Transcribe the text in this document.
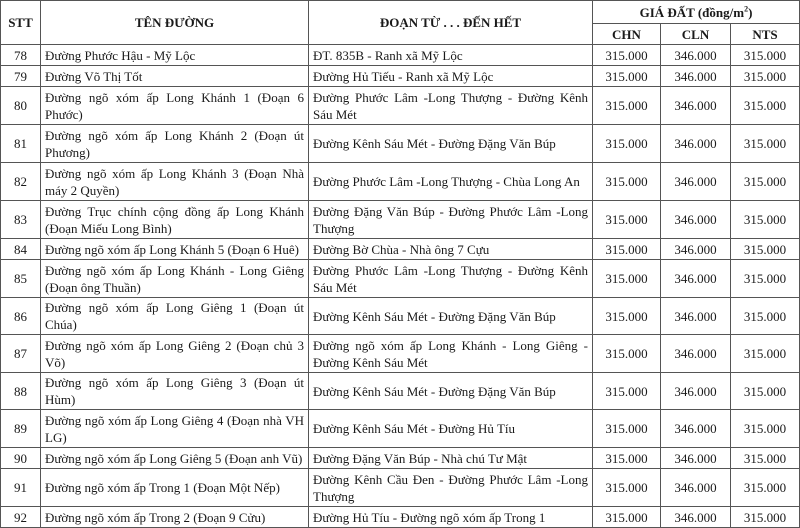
STT	TÊN ĐƯỜNG	ĐOẠN TỪ . . . ĐẾN HẾT	GIÁ ĐẤT $(đồng/m^2)$		
			CHN	CLN	NTS
78	Đường Phước Hậu - Mỹ Lộc	ĐT. 835B - Ranh xã Mỹ Lộc	315.000	346.000	315.000
79	Đường Võ Thị Tốt	Đường Hủ Tiếu - Ranh xã Mỹ Lộc	315.000	346.000	315.000
80	Đường ngõ xóm ấp Long Khánh 1 (Đoạn 6 Phước)	Đường Phước Lâm -Long Thượng - Đường Kênh Sáu Mét	315.000	346.000	315.000
81	Đường ngõ xóm ấp Long Khánh 2 (Đoạn út Phương)	Đường Kênh Sáu Mét - Đường Đặng Văn Búp	315.000	346.000	315.000
82	Đường ngõ xóm ấp Long Khánh 3 (Đoạn Nhà máy 2 Quyền)	Đường Phước Lâm -Long Thượng - Chùa Long An	315.000	346.000	315.000
83	Đường Trục chính cộng đồng ấp Long Khánh (Đoạn Miếu Long Bình)	Đường Đặng Văn Búp - Đường Phước Lâm -Long Thượng	315.000	346.000	315.000
84	Đường ngõ xóm ấp Long Khánh 5 (Đoạn 6 Huê)	Đường Bờ Chùa - Nhà ông 7 Cựu	315.000	346.000	315.000
85	Đường ngõ xóm ấp Long Khánh - Long Giêng (Đoạn ông Thuần)	Đường Phước Lâm -Long Thượng - Đường Kênh Sáu Mét	315.000	346.000	315.000
86	Đường ngõ xóm ấp Long Giêng 1 (Đoạn út Chúa)	Đường Kênh Sáu Mét - Đường Đặng Văn Búp	315.000	346.000	315.000
87	Đường ngõ xóm ấp Long Giêng 2 (Đoạn chủ 3 Võ)	Đường ngõ xóm ấp Long Khánh - Long Giêng - Đường Kênh Sáu Mét	315.000	346.000	315.000
88	Đường ngõ xóm ấp Long Giêng 3 (Đoạn út Hùm)	Đường Kênh Sáu Mét - Đường Đặng Văn Búp	315.000	346.000	315.000
89	Đường ngõ xóm ấp Long Giêng 4 (Đoạn nhà VH LG)	Đường Kênh Sáu Mét - Đường Hủ Tíu	315.000	346.000	315.000
90	Đường ngõ xóm ấp Long Giêng 5 (Đoạn anh Vũ)	Đường Đặng Văn Búp - Nhà chú Tư Mật	315.000	346.000	315.000
91	Đường ngõ xóm ấp Trong 1 (Đoạn Một Nếp)	Đường Kênh Cầu Đen - Đường Phước Lâm -Long Thượng	315.000	346.000	315.000
92	Đường ngõ xóm ấp Trong 2 (Đoạn 9 Cửu)	Đường Hủ Tíu - Đường ngõ xóm ấp Trong 1	315.000	346.000	315.000
